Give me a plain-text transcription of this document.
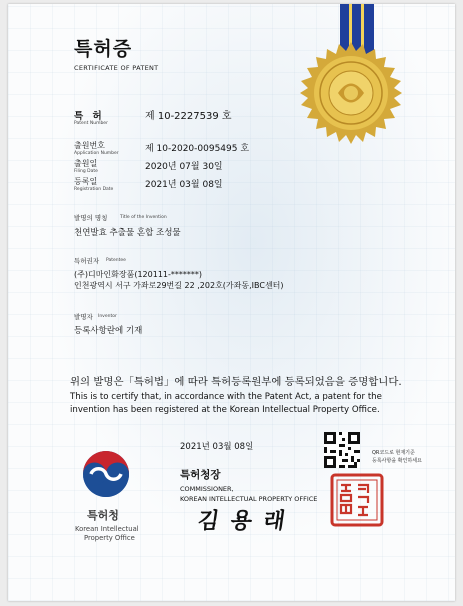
특허증
CERTIFICATE OF PATENT
특 허
Patent Number
제 10-2227539 호
출원번호
Application Number	제 10-2020-0095495 호
출원일
Filing Date	2020년 07월 30일
등록일
Registration Date	2021년 03월 08일
발명의 명칭	Title of the Invention
천연발효 추출물 혼합 조성물
특허권자 Patentee
(주)디마인화장품(120111-*******)
인천광역시 서구 가좌로29번길 22 ,202호(가좌동,IBC센터)
발명자 Inventor
등록사항란에 기재
위의 발명은「특허법」에 따라 특허등록원부에 등록되었음을 증명합니다.
This is to certify that, in accordance with the Patent Act, a patent for the
invention has been registered at the Korean Intellectual Property Office.
2021년 03월 08일
QR코드로 현재기준
등록사항을 확인하세요
특허청장
COMMISSIONER,
KOREAN INTELLECTUAL PROPERTY OFFICE
김 용 래
특허청
Korean Intellectual
Property Office
